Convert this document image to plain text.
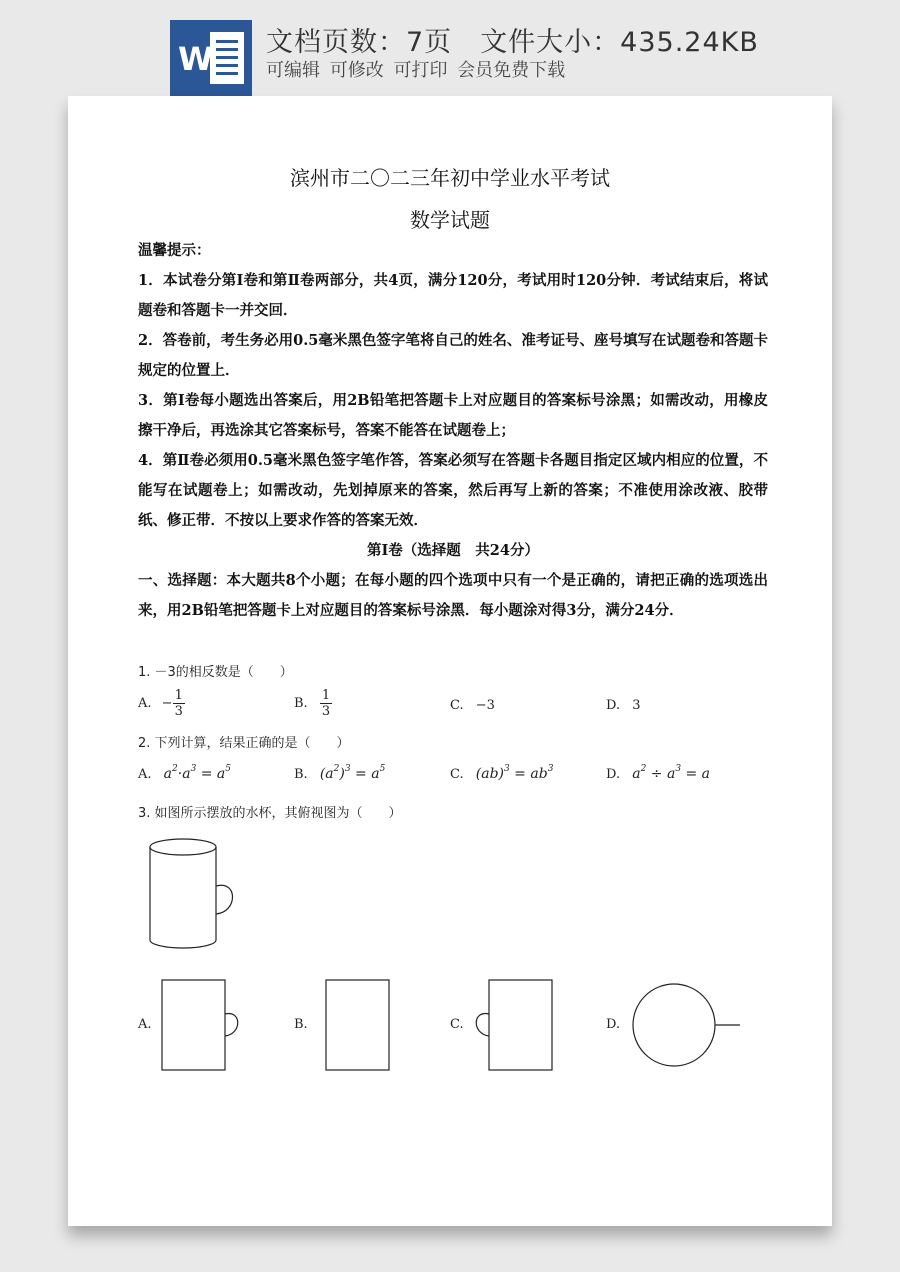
W 文档页数：7页 文件大小：435.24KB
可编辑 可修改 可打印 会员免费下载
滨州市二〇二三年初中学业水平考试
数学试题
温馨提示：
1．本试卷分第Ⅰ卷和第Ⅱ卷两部分，共4页，满分120分，考试用时120分钟．考试结束后，将试题卷和答题卡一并交回．
2．答卷前，考生务必用0.5毫米黑色签字笔将自己的姓名、准考证号、座号填写在试题卷和答题卡规定的位置上．
3．第Ⅰ卷每小题选出答案后，用2B铅笔把答题卡上对应题目的答案标号涂黑；如需改动，用橡皮擦干净后，再选涂其它答案标号，答案不能答在试题卷上；
4．第Ⅱ卷必须用0.5毫米黑色签字笔作答，答案必须写在答题卡各题目指定区域内相应的位置，不能写在试题卷上；如需改动，先划掉原来的答案，然后再写上新的答案；不准使用涂改液、胶带纸、修正带．不按以上要求作答的答案无效．
第Ⅰ卷（选择题　共24分）
一、选择题：本大题共8个小题；在每小题的四个选项中只有一个是正确的，请把正确的选项选出来，用2B铅笔把答题卡上对应题目的答案标号涂黑．每小题涂对得3分，满分24分．
1. －3的相反数是（　　）
A. − $\frac{1}{3}$	B. $\frac{1}{3}$	C. −3	D. 3
2. 下列计算，结果正确的是（　　）
A. $a^2\cdot a^3 = a^5$	B. $(a^2)^3 = a^5$	C. $(ab)^3 = ab^3$	D. $a^2 \div a^3 = a$
3. 如图所示摆放的水杯，其俯视图为（　　）
A.	B.	C.	D.
